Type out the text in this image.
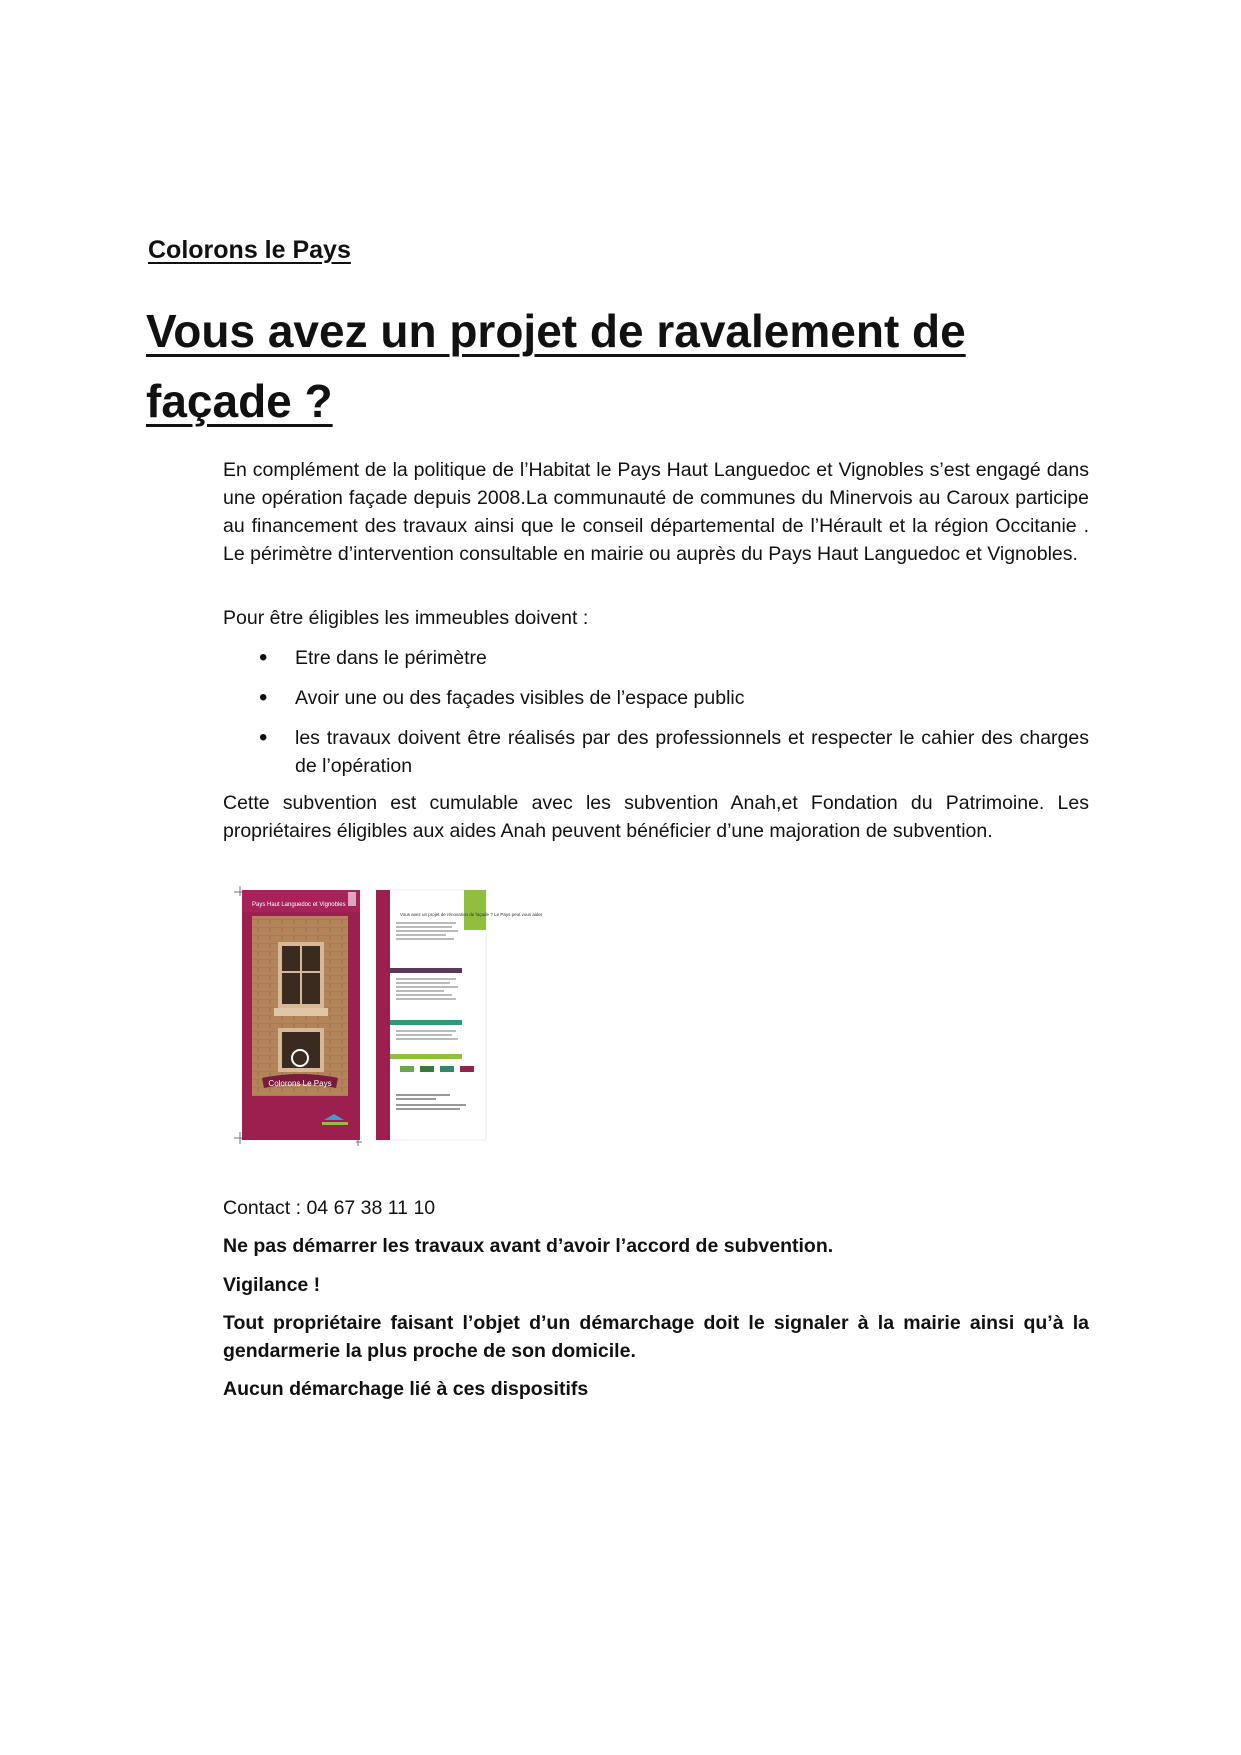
Colorons le Pays

Vous avez un projet de ravalement de façade ?

En complément de la politique de l’Habitat le Pays Haut Languedoc et Vignobles s’est engagé dans une opération façade depuis 2008.La communauté de communes du Minervois au Caroux participe au financement des travaux ainsi que le conseil départemental de l’Hérault et la région Occitanie . Le périmètre d’intervention consultable en mairie ou auprès du Pays Haut Languedoc et Vignobles.

Pour être éligibles les immeubles doivent :

• Etre dans le périmètre
• Avoir une ou des façades visibles de l’espace public
• les travaux doivent être réalisés par des professionnels et respecter le cahier des charges de l’opération

Cette subvention est cumulable avec les subvention Anah,et Fondation du Patrimoine. Les propriétaires éligibles aux aides Anah peuvent bénéficier d’une majoration de subvention.

Colorons Le Pays
Pays Haut Languedoc et Vignobles
Vous avez un projet de rénovation de façade ? Le Pays peut vous aider

Contact : 04 67 38 11 10

Ne pas démarrer les travaux avant d’avoir l’accord de subvention.

Vigilance !

Tout propriétaire faisant l’objet d’un démarchage doit le signaler à la mairie ainsi qu’à la gendarmerie la plus proche de son domicile.

Aucun démarchage lié à ces dispositifs
